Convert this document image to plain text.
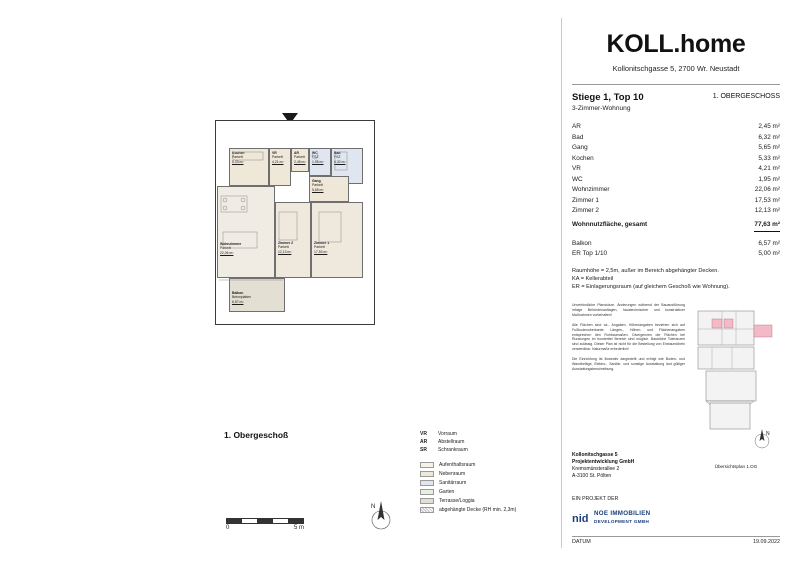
Kochen
Parkett
5,33 m²
VR
Parkett
4,21 m²
AR
Parkett
2,45 m²
WC
FSZ
1,95 m²
Bad
FSZ
6,32 m²
Gang
Parkett
5,65 m²
Wohnzimmer
Parkett
22,06 m²
Zimmer 2
Parkett
12,13 m²
Zimmer 1
Parkett
17,53 m²
Balkon
Betonplatten
6,57 m²
1. Obergeschoß	VR	Vorraum
AR	Abstellraum
SR	Schrankraum
Aufenthaltsraum
Nebenraum
Sanitärraum
Garten
Terrasse/Loggia
abgehängte Decke (RH min. 2,3m)
0	5 m
N
KOLL.home
Kollonitschgasse 5, 2700 Wr. Neustadt
Stiege 1, Top 10
3-Zimmer-Wohnung
1. OBERGESCHOSS
AR	2,45 m²
Bad	6,32 m²
Gang	5,65 m²
Kochen	5,33 m²
VR	4,21 m²
WC	1,95 m²
Wohnzimmer	22,06 m²
Zimmer 1	17,53 m²
Zimmer 2	12,13 m²
Wohnnutzfläche, gesamt	77,63 m²
Balkon	6,57 m²
ER Top 1/10	5,00 m²
Raumhöhe = 2,5m, außer im Bereich abgehängter Decken.
KA = Kellerabteil
ER = Einlagerungsraum (auf gleichem Geschoß wie Wohnung).

Unverbindliche Planskizze. Änderungen während der Bauausführung infolge Behördenauflagen, haustechnischer und konstruktiver Maßnahmen vorbehalten!

Alle Flächen sind ca.- Angaben. Höhenangaben beziehen sich auf Fußbodenoberkante. Längen-, Höhen- und Flächenangaben entsprechen den Rohbaumaßen. Divergenzen der Flächen bei Rundungen im hunderttel Bereich sind möglich. Baubliche Toleranzen sind zulässig. Dieser Plan ist nicht für die Bestellung von Einbaumöbeln verwendbar. Naturmaße erforderlich!

Die Einrichtung ist illustrativ dargestellt und erfolgt wie Boden- und Wandbeläge, Elektro-, Sanitär- und sonstige Ausstattung laut gültiger Ausstattungsbeschreibung.

N
Übersichtsplan 1.OG
Kollonitschgasse 5
Projektentwicklung GmbH
Kremsmünsterallee 2
A-3100 St. Pölten
EIN PROJEKT DER
nid NOE IMMOBILIEN
DEVELOPMENT GMBH
DATUM	19.09.2022
